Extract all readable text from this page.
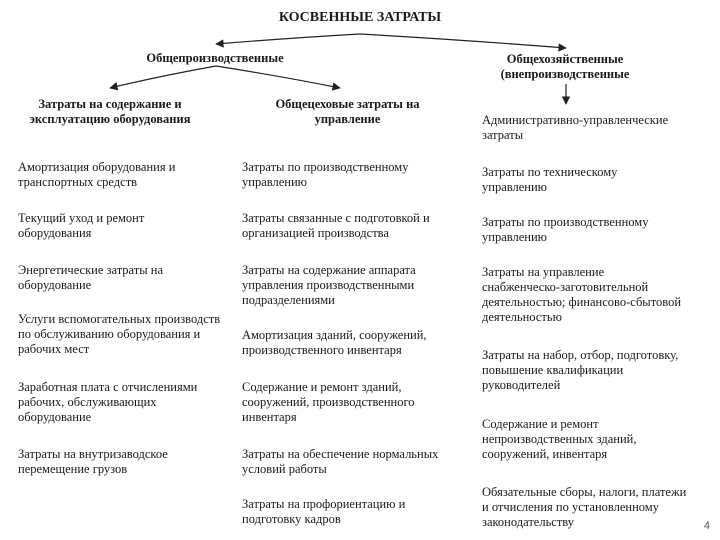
КОСВЕННЫЕ ЗАТРАТЫ
Общепроизводственные	Общехозяйственные (внепроизводственные
Затраты на содержание и эксплуатацию оборудования
Амортизация оборудования и транспортных средств
Текущий уход и ремонт оборудования
Энергетические затраты на оборудование
Услуги вспомогательных производств по обслуживанию оборудования и рабочих мест
Заработная плата с отчислениями рабочих, обслуживающих оборудование
Затраты на внутризаводское перемещение грузов
Общецеховые затраты на управление
Затраты по производственному управлению
Затраты связанные с подготовкой и организацией производства
Затраты на содержание аппарата управления производственными подразделениями
Амортизация зданий, сооружений, производственного инвентаря
Содержание и ремонт зданий, сооружений, производственного инвентаря
Затраты на обеспечение нормальных условий работы
Затраты на профориентацию и подготовку кадров
Административно-управленческие затраты
Затраты по техническому управлению
Затраты по производственному управлению
Затраты на управление снабженческо-заготовительной деятельностью; финансово-сбытовой деятельностью
Затраты на набор, отбор, подготовку, повышение квалификации руководителей
Содержание и ремонт непроизводственных зданий, сооружений, инвентаря
Обязательные сборы, налоги, платежи и отчисления по установленному законодательству	4
